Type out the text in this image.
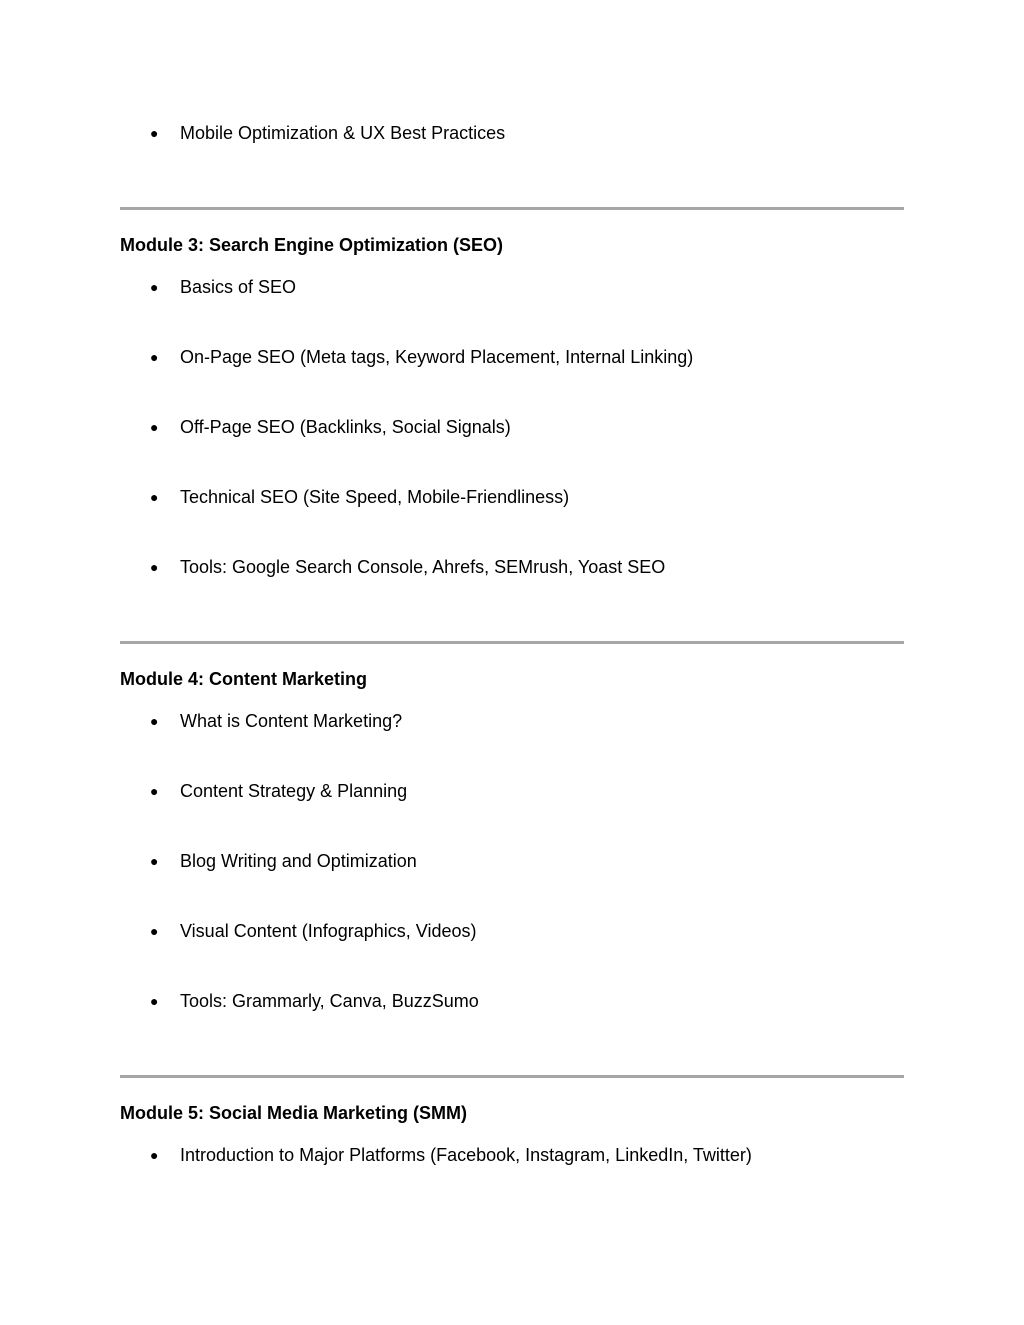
● Mobile Optimization & UX Best Practices
Module 3: Search Engine Optimization (SEO)
● Basics of SEO
● On-Page SEO (Meta tags, Keyword Placement, Internal Linking)
● Off-Page SEO (Backlinks, Social Signals)
● Technical SEO (Site Speed, Mobile-Friendliness)
● Tools: Google Search Console, Ahrefs, SEMrush, Yoast SEO
Module 4: Content Marketing
● What is Content Marketing?
● Content Strategy & Planning
● Blog Writing and Optimization
● Visual Content (Infographics, Videos)
● Tools: Grammarly, Canva, BuzzSumo
Module 5: Social Media Marketing (SMM)
● Introduction to Major Platforms (Facebook, Instagram, LinkedIn, Twitter)
